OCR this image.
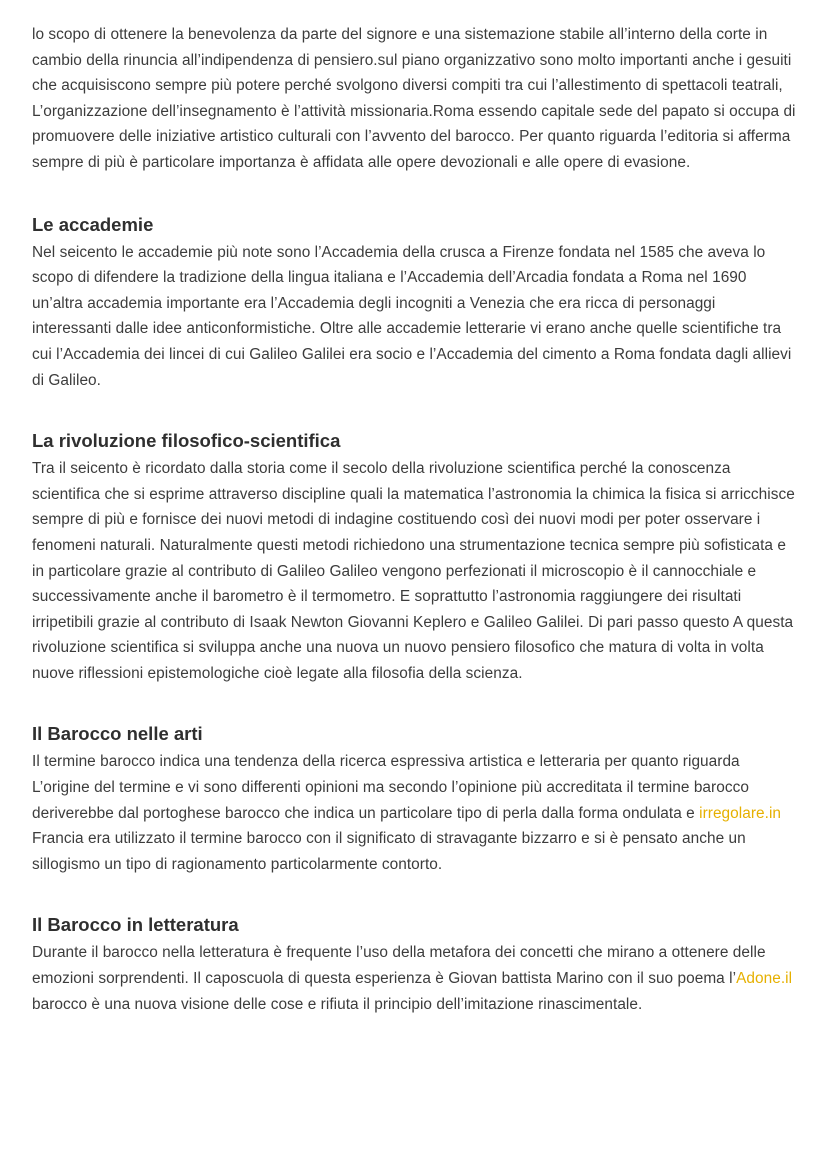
lo scopo di ottenere la benevolenza da parte del signore e una sistemazione stabile all’interno della corte in cambio della rinuncia all’indipendenza di pensiero.sul piano organizzativo sono molto importanti anche i gesuiti che acquisiscono sempre più potere perché svolgono diversi compiti tra cui l’allestimento di spettacoli teatrali, L’organizzazione dell’insegnamento è l’attività missionaria.Roma essendo capitale sede del papato si occupa di promuovere delle iniziative artistico culturali con l’avvento del barocco. Per quanto riguarda l’editoria si afferma sempre di più è particolare importanza è affidata alle opere devozionali e alle opere di evasione.

Le accademie

Nel seicento le accademie più note sono l’Accademia della crusca a Firenze fondata nel 1585 che aveva lo scopo di difendere la tradizione della lingua italiana e l’Accademia dell’Arcadia fondata a Roma nel 1690 un’altra accademia importante era l’Accademia degli incogniti a Venezia che era ricca di personaggi interessanti dalle idee anticonformistiche. Oltre alle accademie letterarie vi erano anche quelle scientifiche tra cui l’Accademia dei lincei di cui Galileo Galilei era socio e l’Accademia del cimento a Roma fondata dagli allievi di Galileo.

La rivoluzione filosofico-scientifica

Tra il seicento è ricordato dalla storia come il secolo della rivoluzione scientifica perché la conoscenza scientifica che si esprime attraverso discipline quali la matematica l’astronomia la chimica la fisica si arricchisce sempre di più e fornisce dei nuovi metodi di indagine costituendo così dei nuovi modi per poter osservare i fenomeni naturali. Naturalmente questi metodi richiedono una strumentazione tecnica sempre più sofisticata e in particolare grazie al contributo di Galileo Galileo vengono perfezionati il microscopio è il cannocchiale e successivamente anche il barometro è il termometro. E soprattutto l’astronomia raggiungere dei risultati irripetibili grazie al contributo di Isaak Newton Giovanni Keplero e Galileo Galilei. Di pari passo questo A questa rivoluzione scientifica si sviluppa anche una nuova un nuovo pensiero filosofico che matura di volta in volta nuove riflessioni epistemologiche cioè legate alla filosofia della scienza.

Il Barocco nelle arti

Il termine barocco indica una tendenza della ricerca espressiva artistica e letteraria per quanto riguarda L’origine del termine e vi sono differenti opinioni ma secondo l’opinione più accreditata il termine barocco deriverebbe dal portoghese barocco che indica un particolare tipo di perla dalla forma ondulata e irregolare.in Francia era utilizzato il termine barocco con il significato di stravagante bizzarro e si è pensato anche un sillogismo un tipo di ragionamento particolarmente contorto.

Il Barocco in letteratura

Durante il barocco nella letteratura è frequente l’uso della metafora dei concetti che mirano a ottenere delle emozioni sorprendenti. Il caposcuola di questa esperienza è Giovan battista Marino con il suo poema l’Adone.il barocco è una nuova visione delle cose e rifiuta il principio dell’imitazione rinascimentale.
